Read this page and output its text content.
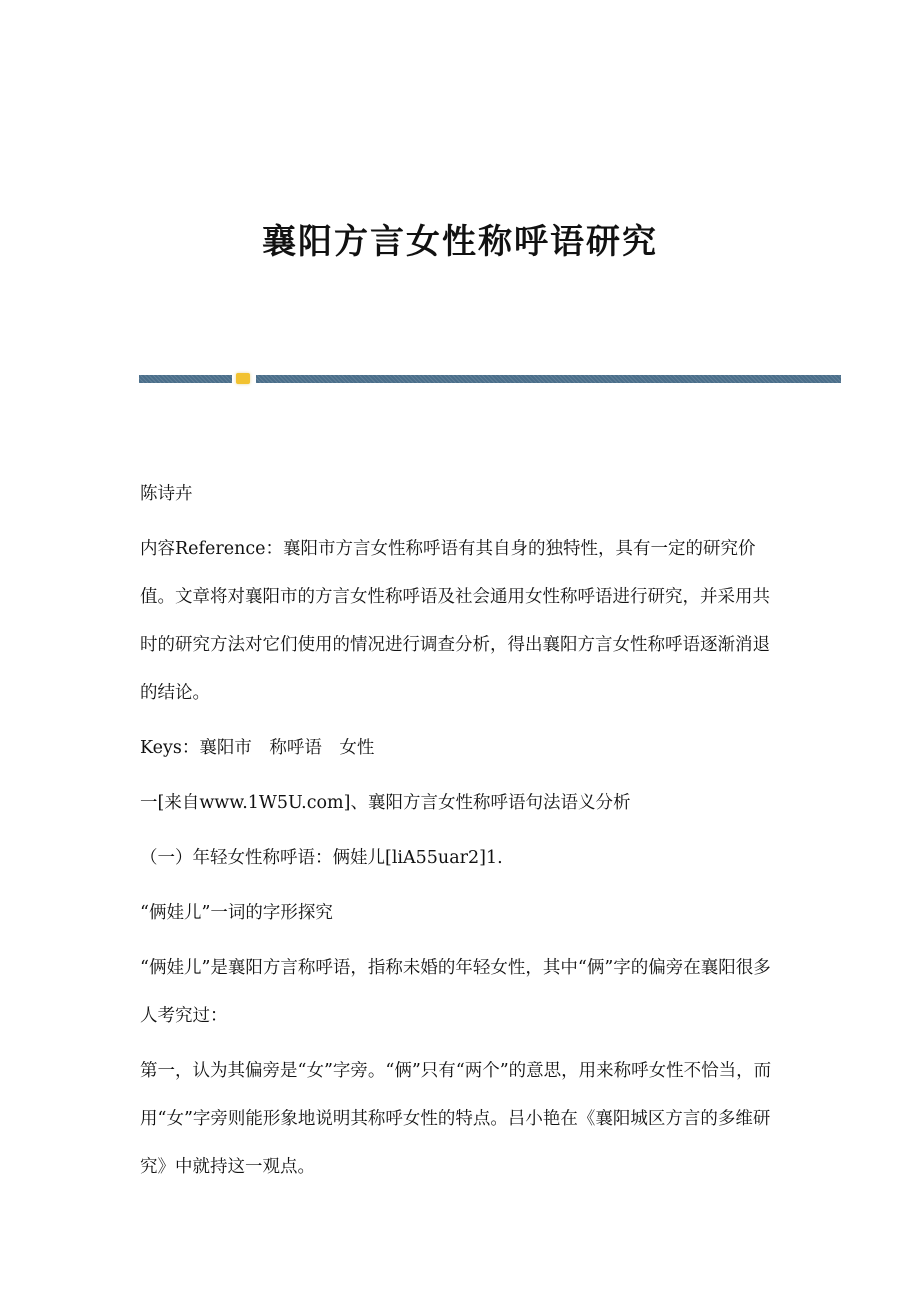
襄阳方言女性称呼语研究

陈诗卉

内容Reference：襄阳市方言女性称呼语有其自身的独特性，具有一定的研究价值。文章将对襄阳市的方言女性称呼语及社会通用女性称呼语进行研究，并采用共时的研究方法对它们使用的情况进行调查分析，得出襄阳方言女性称呼语逐渐消退的结论。

Keys：襄阳市　称呼语　女性

一[来自www.1W5U.com]、襄阳方言女性称呼语句法语义分析

（一）年轻女性称呼语：俩娃儿[liA55uar2]1.

“俩娃儿”一词的字形探究

“俩娃儿”是襄阳方言称呼语，指称未婚的年轻女性，其中“俩”字的偏旁在襄阳很多人考究过：

第一，认为其偏旁是“女”字旁。“俩”只有“两个”的意思，用来称呼女性不恰当，而用“女”字旁则能形象地说明其称呼女性的特点。吕小艳在《襄阳城区方言的多维研究》中就持这一观点。
